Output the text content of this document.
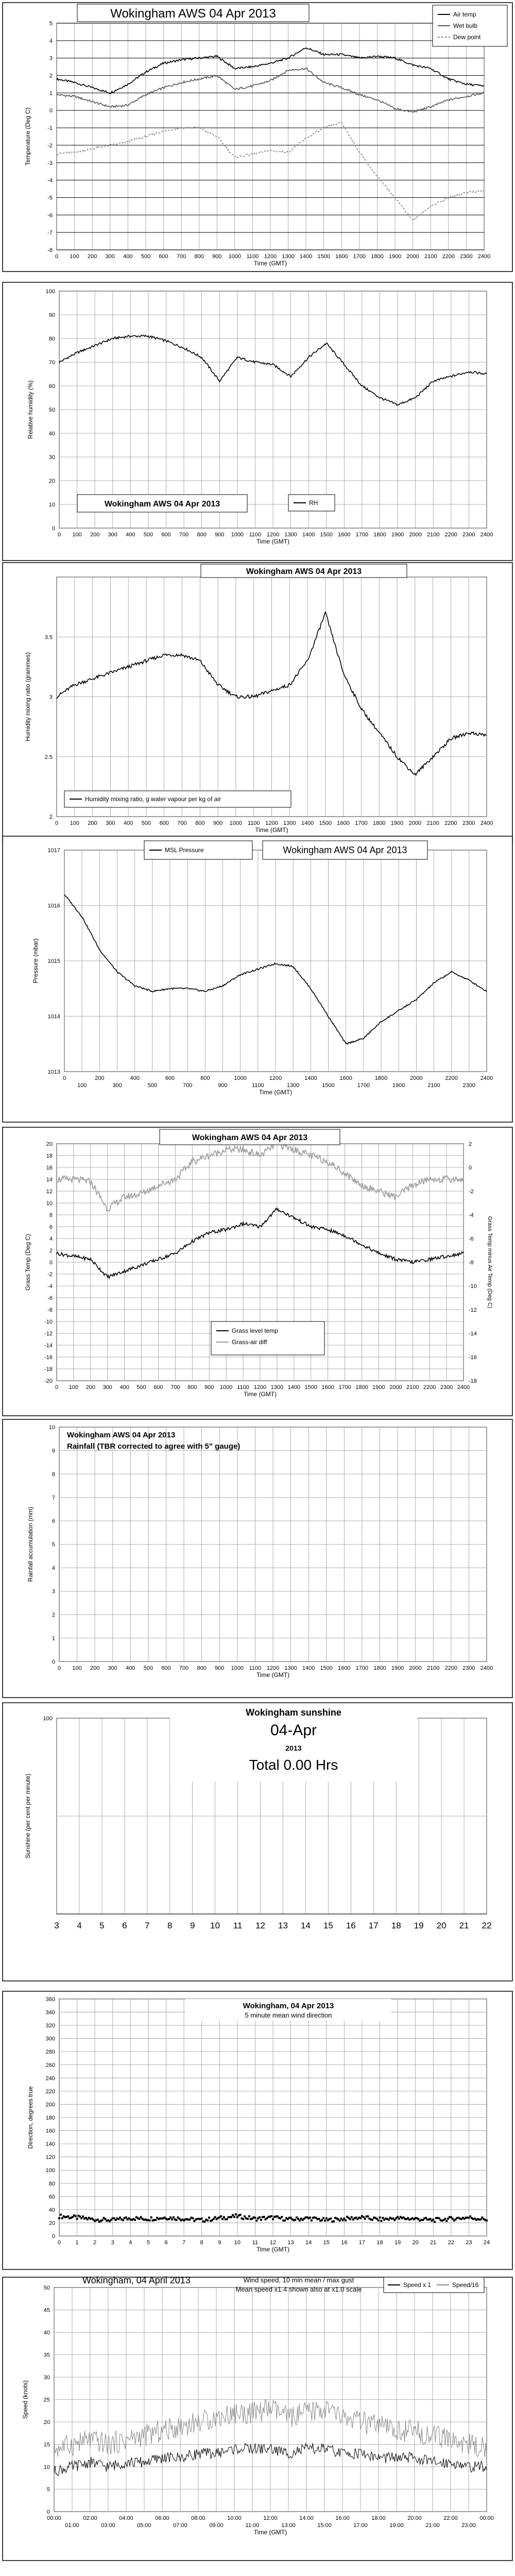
0 100 200 300 400 500 600 700 800 900 1000 1100 1200 1300 1400 1500 1600 1700 1800 1900 2000 2100 2200 2300 2400
5
4
3
2
1
0
-1
-2
-3
-4
-5
-6
-7
-8
Time (GMT)
Temperature (Deg C)
Wokingham AWS 04 Apr 2013	Air temp
Wet bulb
Dew point
0 100 200 300 400 500 600 700 800 900 1000 1100 1200 1300 1400 1500 1600 1700 1800 1900 2000 2100 2200 2300 2400
0
10
20
30
40
50
60
70
80
90
100
Time (GMT)
Relative humidity (%)
Wokingham AWS 04 Apr 2013	RH
0 100 200 300 400 500 600 700 800 900 1000 1100 1200 1300 1400 1500 1600 1700 1800 1900 2000 2100 2200 2300 2400
2
2.5
3
3.5
Time (GMT)
Humidity mixing ratio (grammes)
Wokingham AWS 04 Apr 2013
Humidity mixing ratio, g water vapour per kg of air
0
100
200
300
400
500
600
700
800
900
1000
1100
1200
1300
1400
1500
1600
1700
1800
1900
2000
2100
2200
2300
2400
1013
1014
1015
1016
1017
Time (GMT)
Pressure (mbar)
Wokingham AWS 04 Apr 2013
MSL Pressure
0 100 200 300 400 500 600 700 800 900 1000 1100 1200 1300 1400 1500 1600 1700 1800 1900 2000 2100 2200 2300 2400
20
18
16
14
12
10
8
6
4
2
0
-2
-4
-6
-8
-10
-12
-14
-16
-18
-20
2
0
-2
-4
-6
-8
-10
-12
-14
-16
-18
Grass Temp minus Air Temp (Deg C)
Time (GMT)
Grass Temp (Deg C)
Wokingham AWS 04 Apr 2013
Grass level temp
Grass-air diff
0 100 200 300 400 500 600 700 800 900 1000 1100 1200 1300 1400 1500 1600 1700 1800 1900 2000 2100 2200 2300 2400
0
1
2
3
4
5
6
7
8
9
10
Time (GMT)
Rainfall accumulation (mm)
Wokingham AWS 04 Apr 2013
Rainfall (TBR corrected to agree with 5" gauge)
3 4 5 6 7 8 9 10 11 12 13 14 15 16 17 18 19 20 21 22
100
Sunshine (per cent per minute)
Wokingham sunshine
04-Apr
2013
Total 0.00 Hrs
0	1	2	3	4	5	6	7	8	9 10 11 12 13 14 15 16 17 18 19 20 21 22 23 24
0
20
40
60
80
100
120
140
160
180
200
220
240
260
280
300
320
340
360
Time (GMT)
Direction, degrees true
Wokingham, 04 Apr 2013
5 minute mean wind direction
00:00	02:00	04:00	06:00	08:00	10:00	12:00	14:00	16:00	18:00	20:00	22:00	00:00
01:00	03:00	05:00	07:00	09:00	11:00	13:00	15:00	17:00	19:00	21:00	23:00
0
5
10
15
20
25
30
35
40
45
50
Time (GMT)
Speed (knots)
Wokingham, 04 April 2013	Wind speed, 10 min mean / max gust
Mean speed x1.4 shown also at x1.0 scale
Speed x 1	Speed/16
